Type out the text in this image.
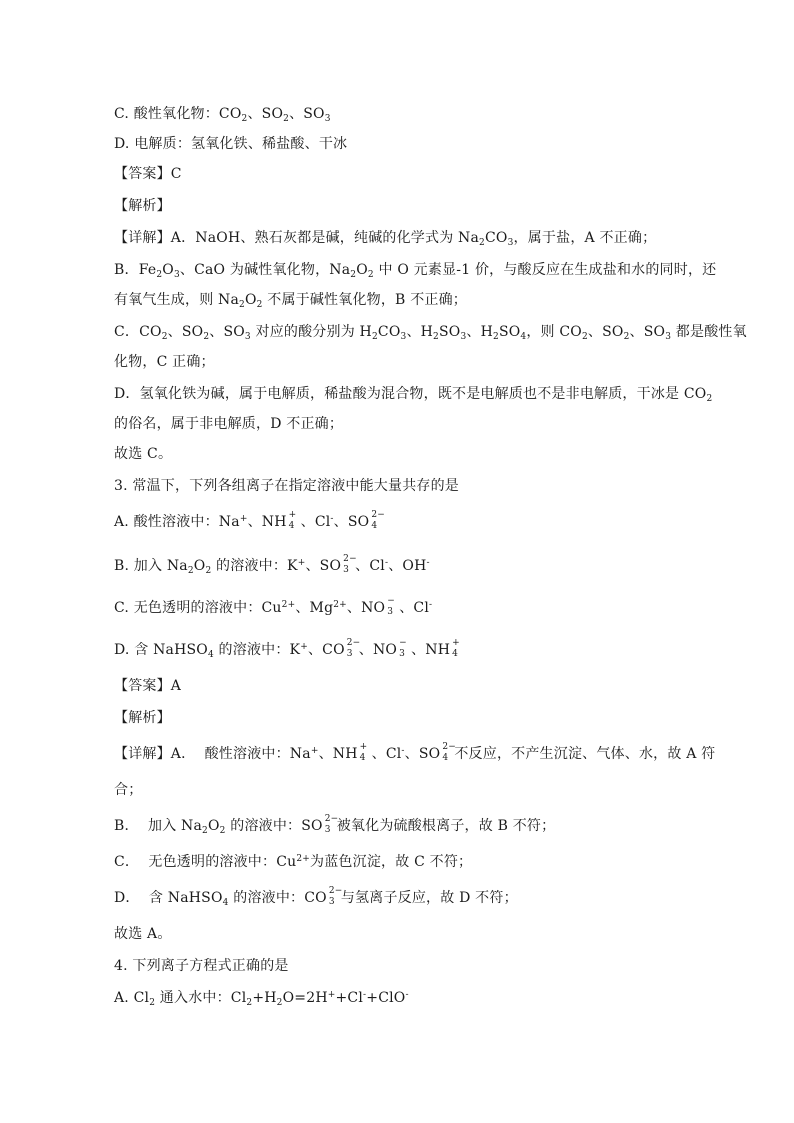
C. 酸性氧化物：$CO_2$、$SO_2$、$SO_3$
D. 电解质：氢氧化铁、稀盐酸、干冰
【答案】C
【解析】
【详解】A．NaOH、熟石灰都是碱，纯碱的化学式为 $Na_2CO_3$，属于盐，A 不正确；
B．$Fe_2O_3$、CaO 为碱性氧化物，$Na_2O_2$ 中 O 元素显-1 价，与酸反应在生成盐和水的同时，还
有氧气生成，则 $Na_2O_2$ 不属于碱性氧化物，B 不正确；
C．$CO_2$、$SO_2$、$SO_3$ 对应的酸分别为 $H_2CO_3$、$H_2SO_3$、$H_2SO_4$，则 $CO_2$、$SO_2$、$SO_3$ 都是酸性氧
化物，C 正确；
D．氢氧化铁为碱，属于电解质，稀盐酸为混合物，既不是电解质也不是非电解质，干冰是 $CO_2$
的俗名，属于非电解质，D 不正确；
故选 C。
3. 常温下，下列各组离子在指定溶液中能大量共存的是
A. 酸性溶液中：Na+、NH +
4 、Cl-、SO 2−
4
B. 加入 $Na_2O_2$ 的溶液中：K+、SO 2−
3 、Cl-、OH-
C. 无色透明的溶液中：$Cu^{2+}$、$Mg^{2+}$、NO −
3 、Cl-
D. 含 NaHSO$_4$ 的溶液中：K+、CO 2−
3 、NO −
3 、NH +
4
【答案】A
【解析】
【详解】A．  酸性溶液中：Na+、NH +
4 、Cl-、SO 2−
4 不反应，不产生沉淀、气体、水，故 A 符
合；
B．  加入 $Na_2O_2$ 的溶液中：SO 2−
3 被氧化为硫酸根离子，故 B 不符；
C．  无色透明的溶液中：$Cu^{2+}$为蓝色沉淀，故 C 不符；
D．  含 NaHSO$_4$ 的溶液中：CO 2−
3 与氢离子反应，故 D 不符；
故选 A。
4. 下列离子方程式正确的是
A. $Cl_2$ 通入水中：$Cl_2+H_2O=2H^++Cl^-+ClO^-$
